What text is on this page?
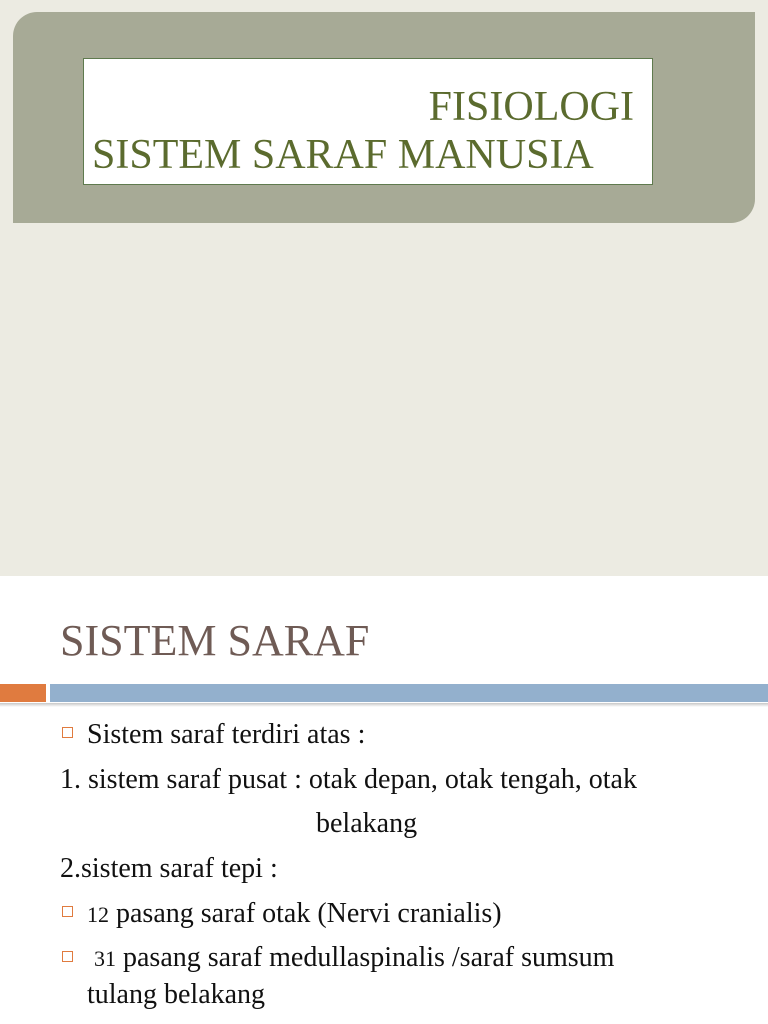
FISIOLOGI
SISTEM SARAF MANUSIA
SISTEM SARAF
Sistem saraf terdiri atas :
1. sistem saraf pusat : otak depan, otak tengah, otak
belakang
2.sistem saraf tepi :
12 pasang saraf otak (Nervi cranialis)
31 pasang saraf medullaspinalis /saraf sumsum
tulang belakang
